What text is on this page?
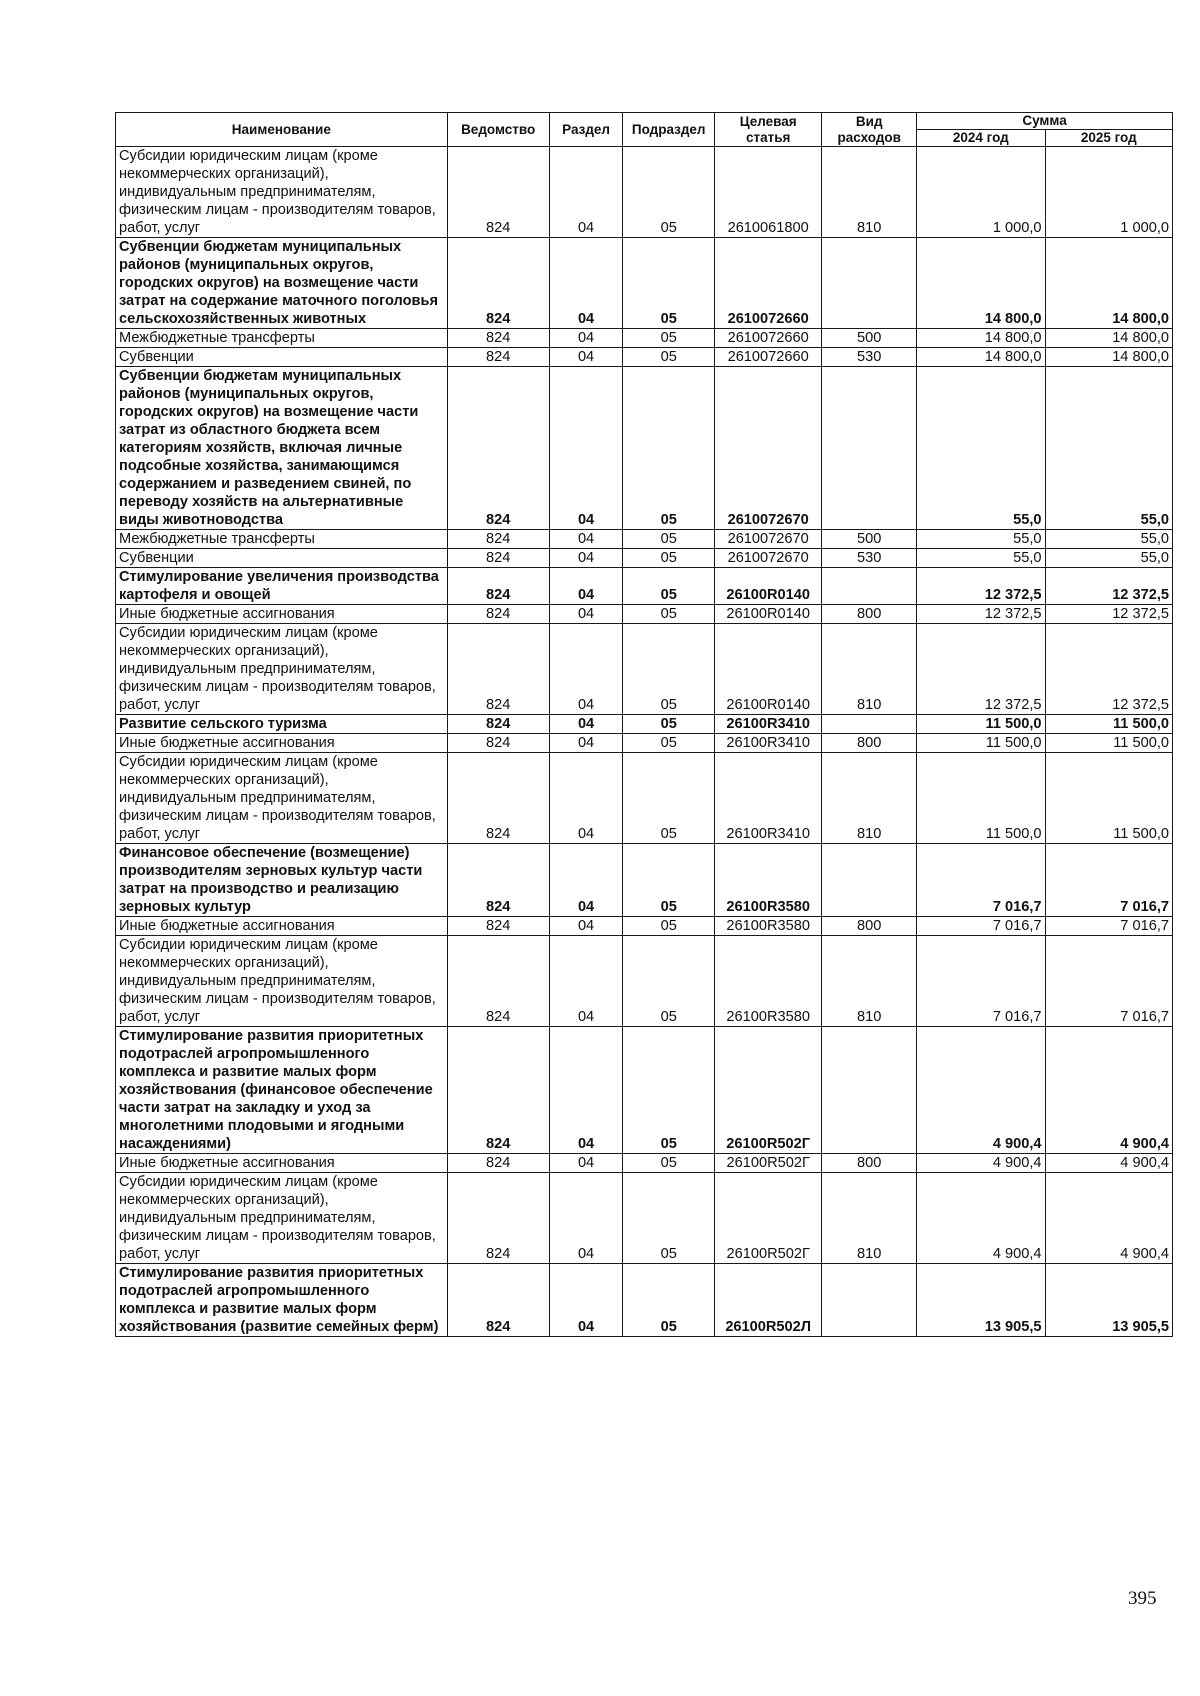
Наименование	Ведомство	Раздел	Подраздел	Целевая статья	Вид расходов	Сумма	
						2024 год	2025 год
Субсидии юридическим лицам (кроме некоммерческих организаций), индивидуальным предпринимателям, физическим лицам - производителям товаров, работ, услуг	824	04	05	2610061800	810	1 000,0	1 000,0
Субвенции бюджетам муниципальных районов (муниципальных округов, городских округов) на возмещение части затрат на содержание маточного поголовья сельскохозяйственных животных	824	04	05	2610072660		14 800,0	14 800,0
Межбюджетные трансферты	824	04	05	2610072660	500	14 800,0	14 800,0
Субвенции	824	04	05	2610072660	530	14 800,0	14 800,0
Субвенции бюджетам муниципальных районов (муниципальных округов, городских округов) на возмещение части затрат из областного бюджета всем категориям хозяйств, включая личные подсобные хозяйства, занимающимся содержанием и разведением свиней, по переводу хозяйств на альтернативные виды животноводства	824	04	05	2610072670		55,0	55,0
Межбюджетные трансферты	824	04	05	2610072670	500	55,0	55,0
Субвенции	824	04	05	2610072670	530	55,0	55,0
Стимулирование увеличения производства картофеля и овощей	824	04	05	26100R0140		12 372,5	12 372,5
Иные бюджетные ассигнования	824	04	05	26100R0140	800	12 372,5	12 372,5
Субсидии юридическим лицам (кроме некоммерческих организаций), индивидуальным предпринимателям, физическим лицам - производителям товаров, работ, услуг	824	04	05	26100R0140	810	12 372,5	12 372,5
Развитие сельского туризма	824	04	05	26100R3410		11 500,0	11 500,0
Иные бюджетные ассигнования	824	04	05	26100R3410	800	11 500,0	11 500,0
Субсидии юридическим лицам (кроме некоммерческих организаций), индивидуальным предпринимателям, физическим лицам - производителям товаров, работ, услуг	824	04	05	26100R3410	810	11 500,0	11 500,0
Финансовое обеспечение (возмещение) производителям зерновых культур части затрат на производство и реализацию зерновых культур	824	04	05	26100R3580		7 016,7	7 016,7
Иные бюджетные ассигнования	824	04	05	26100R3580	800	7 016,7	7 016,7
Субсидии юридическим лицам (кроме некоммерческих организаций), индивидуальным предпринимателям, физическим лицам - производителям товаров, работ, услуг	824	04	05	26100R3580	810	7 016,7	7 016,7
Стимулирование развития приоритетных подотраслей агропромышленного комплекса и развитие малых форм хозяйствования (финансовое обеспечение части затрат на закладку и уход за многолетними плодовыми и ягодными насаждениями)	824	04	05	26100R502Г		4 900,4	4 900,4
Иные бюджетные ассигнования	824	04	05	26100R502Г	800	4 900,4	4 900,4
Субсидии юридическим лицам (кроме некоммерческих организаций), индивидуальным предпринимателям, физическим лицам - производителям товаров, работ, услуг	824	04	05	26100R502Г	810	4 900,4	4 900,4
Стимулирование развития приоритетных подотраслей агропромышленного комплекса и развитие малых форм хозяйствования (развитие семейных ферм)	824	04	05	26100R502Л		13 905,5	13 905,5
395
